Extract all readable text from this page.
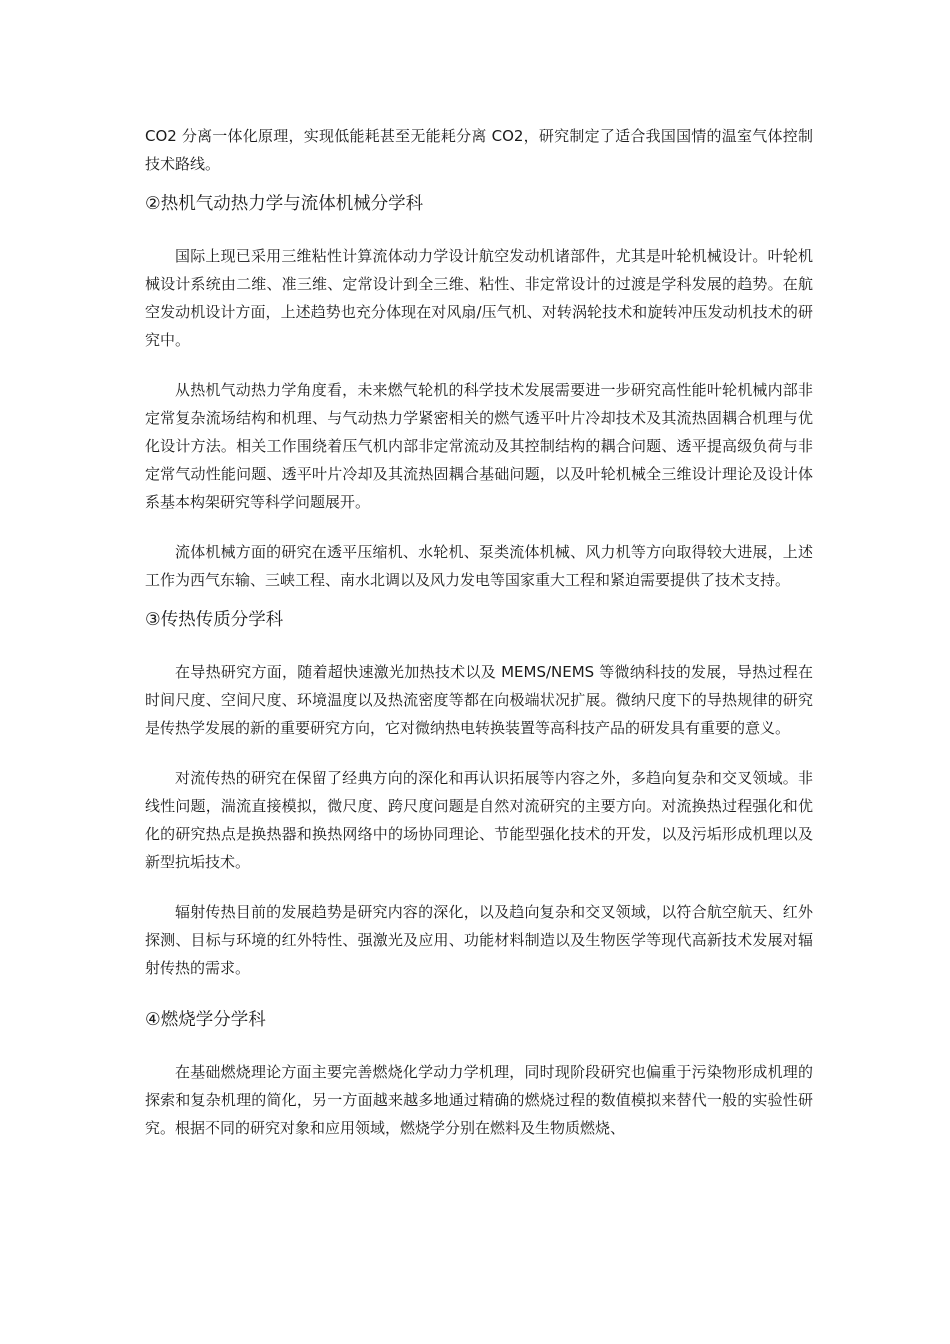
CO2 分离一体化原理，实现低能耗甚至无能耗分离 CO2，研究制定了适合我国国情的温室气体控制技术路线。

②热机气动热力学与流体机械分学科

国际上现已采用三维粘性计算流体动力学设计航空发动机诸部件，尤其是叶轮机械设计。叶轮机械设计系统由二维、准三维、定常设计到全三维、粘性、非定常设计的过渡是学科发展的趋势。在航空发动机设计方面，上述趋势也充分体现在对风扇/压气机、对转涡轮技术和旋转冲压发动机技术的研究中。

从热机气动热力学角度看，未来燃气轮机的科学技术发展需要进一步研究高性能叶轮机械内部非定常复杂流场结构和机理、与气动热力学紧密相关的燃气透平叶片冷却技术及其流热固耦合机理与优化设计方法。相关工作围绕着压气机内部非定常流动及其控制结构的耦合问题、透平提高级负荷与非定常气动性能问题、透平叶片冷却及其流热固耦合基础问题，以及叶轮机械全三维设计理论及设计体系基本构架研究等科学问题展开。

流体机械方面的研究在透平压缩机、水轮机、泵类流体机械、风力机等方向取得较大进展，上述工作为西气东输、三峡工程、南水北调以及风力发电等国家重大工程和紧迫需要提供了技术支持。

③传热传质分学科

在导热研究方面，随着超快速激光加热技术以及 MEMS/NEMS 等微纳科技的发展，导热过程在时间尺度、空间尺度、环境温度以及热流密度等都在向极端状况扩展。微纳尺度下的导热规律的研究是传热学发展的新的重要研究方向，它对微纳热电转换装置等高科技产品的研发具有重要的意义。

对流传热的研究在保留了经典方向的深化和再认识拓展等内容之外，多趋向复杂和交叉领域。非线性问题，湍流直接模拟，微尺度、跨尺度问题是自然对流研究的主要方向。对流换热过程强化和优化的研究热点是换热器和换热网络中的场协同理论、节能型强化技术的开发，以及污垢形成机理以及新型抗垢技术。

辐射传热目前的发展趋势是研究内容的深化，以及趋向复杂和交叉领域，以符合航空航天、红外探测、目标与环境的红外特性、强激光及应用、功能材料制造以及生物医学等现代高新技术发展对辐射传热的需求。

④燃烧学分学科

在基础燃烧理论方面主要完善燃烧化学动力学机理，同时现阶段研究也偏重于污染物形成机理的探索和复杂机理的简化，另一方面越来越多地通过精确的燃烧过程的数值模拟来替代一般的实验性研究。根据不同的研究对象和应用领域，燃烧学分别在燃料及生物质燃烧、
